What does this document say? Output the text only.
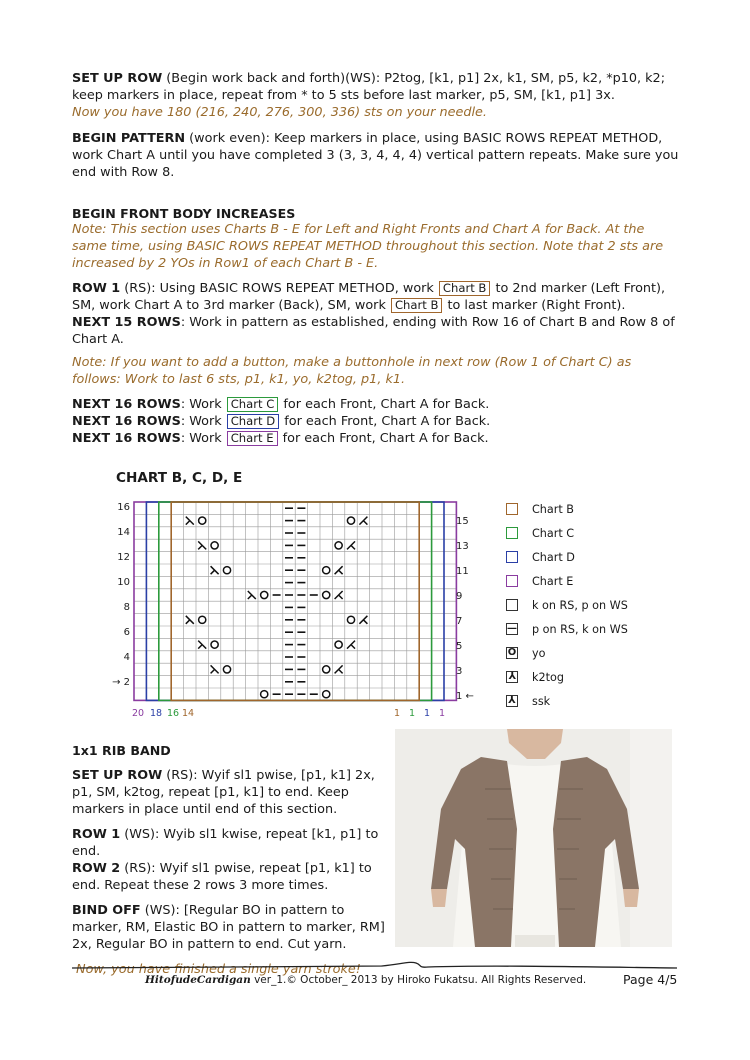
SET UP ROW (Begin work back and forth)(WS): P2tog, [k1, p1] 2x, k1, SM, p5, k2, *p10, k2; keep markers in place, repeat from * to 5 sts before last marker, p5, SM, [k1, p1] 3x.
Now you have 180 (216, 240, 276, 300, 336) sts on your needle.

BEGIN PATTERN (work even): Keep markers in place, using BASIC ROWS REPEAT METHOD, work Chart A until you have completed 3 (3, 3, 4, 4, 4) vertical pattern repeats. Make sure you end with Row 8.

BEGIN FRONT BODY INCREASES

Note: This section uses Charts B - E for Left and Right Fronts and Chart A for Back. At the same time, using BASIC ROWS REPEAT METHOD throughout this section. Note that 2 sts are increased by 2 YOs in Row1 of each Chart B - E.

ROW 1 (RS): Using BASIC ROWS REPEAT METHOD, work Chart B to 2nd marker (Left Front), SM, work Chart A to 3rd marker (Back), SM, work Chart B to last marker (Right Front).

NEXT 15 ROWS: Work in pattern as established, ending with Row 16 of Chart B and Row 8 of Chart A.

Note: If you want to add a button, make a buttonhole in next row (Row 1 of Chart C) as follows: Work to last 6 sts, p1, k1, yo, k2tog, p1, k1.

NEXT 16 ROWS: Work Chart C for each Front, Chart A for Back.

NEXT 16 ROWS: Work Chart D for each Front, Chart A for Back.

NEXT 16 ROWS: Work Chart E for each Front, Chart A for Back.

CHART B, C, D, E
16
14
12
10
8
6
4
→ 2
15
13
11
9
7
5
3
1 ←
20 18 16 14	1 1 1 1
Chart B
Chart C
Chart D
Chart E
k on RS, p on WS
— p on RS, k on WS
O yo
⅄ k2tog
⅄ ssk

1x1 RIB BAND

SET UP ROW (RS): Wyif sl1 pwise, [p1, k1] 2x, p1, SM, k2tog, repeat [p1, k1] to end. Keep markers in place until end of this section.

ROW 1 (WS): Wyib sl1 kwise, repeat [k1, p1] to end.

ROW 2 (RS): Wyif sl1 pwise, repeat [p1, k1] to end. Repeat these 2 rows 3 more times.

BIND OFF (WS): [Regular BO in pattern to marker, RM, Elastic BO in pattern to marker, RM] 2x, Regular BO in pattern to end. Cut yarn.

Now, you have finished a single yarn stroke!

HitofudeCardigan ver_1.© October_ 2013 by Hiroko Fukatsu. All Rights Reserved.	Page 4/5
